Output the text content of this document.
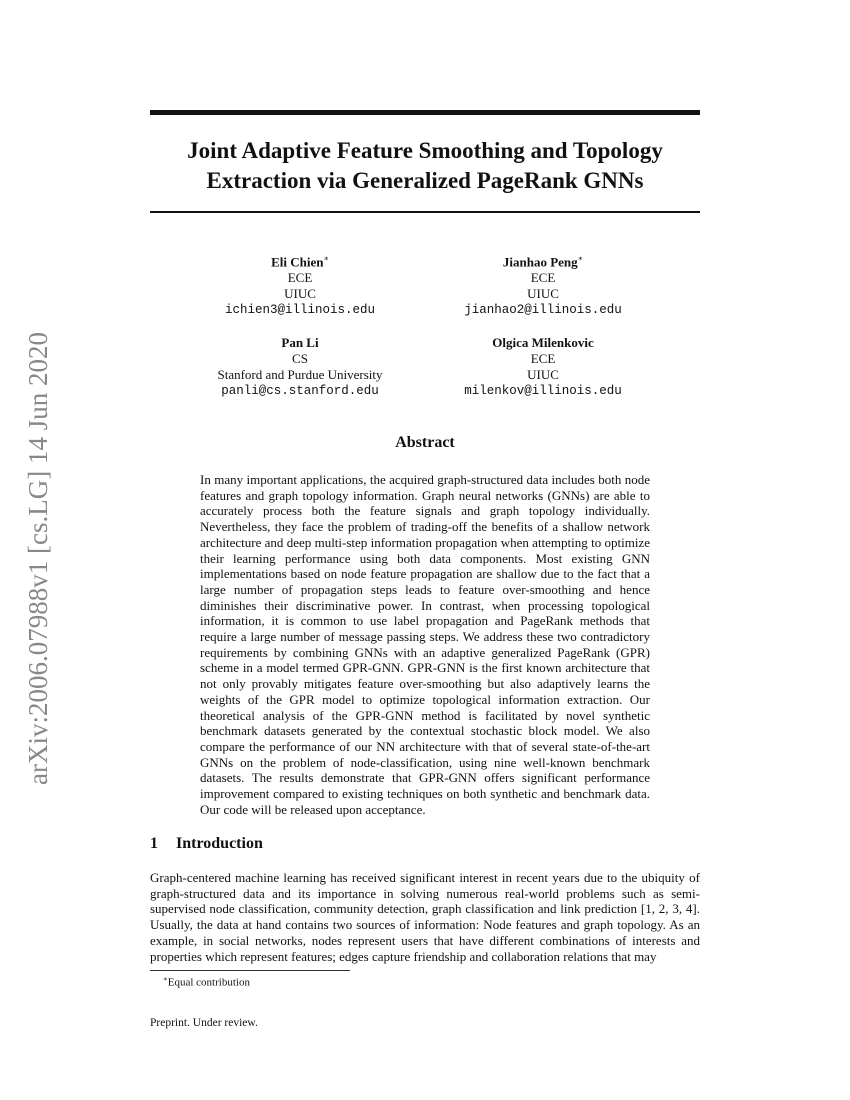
arXiv:2006.07988v1 [cs.LG] 14 Jun 2020
Joint Adaptive Feature Smoothing and Topology
Extraction via Generalized PageRank GNNs
Eli Chien∗
ECE
UIUC
ichien3@illinois.edu
Jianhao Peng∗
ECE
UIUC
jianhao2@illinois.edu
Pan Li
CS
Stanford and Purdue University
panli@cs.stanford.edu
Olgica Milenkovic
ECE
UIUC
milenkov@illinois.edu
Abstract

In many important applications, the acquired graph-structured data includes both node features and graph topology information. Graph neural networks (GNNs) are able to accurately process both the feature signals and graph topology individually. Nevertheless, they face the problem of trading-off the benefits of a shallow network architecture and deep multi-step information propagation when attempting to optimize their learning performance using both data components. Most existing GNN implementations based on node feature propagation are shallow due to the fact that a large number of propagation steps leads to feature over-smoothing and hence diminishes their discriminative power. In contrast, when processing topological information, it is common to use label propagation and PageRank methods that require a large number of message passing steps. We address these two contradictory requirements by combining GNNs with an adaptive generalized PageRank (GPR) scheme in a model termed GPR-GNN. GPR-GNN is the first known architecture that not only provably mitigates feature over-smoothing but also adaptively learns the weights of the GPR model to optimize topological information extraction. Our theoretical analysis of the GPR-GNN method is facilitated by novel synthetic benchmark datasets generated by the contextual stochastic block model. We also compare the performance of our NN architecture with that of several state-of-the-art GNNs on the problem of node-classification, using nine well-known benchmark datasets. The results demonstrate that GPR-GNN offers significant performance improvement compared to existing techniques on both synthetic and benchmark data. Our code will be released upon acceptance.

1 Introduction

Graph-centered machine learning has received significant interest in recent years due to the ubiquity of graph-structured data and its importance in solving numerous real-world problems such as semi-supervised node classification, community detection, graph classification and link prediction [1, 2, 3, 4]. Usually, the data at hand contains two sources of information: Node features and graph topology. As an example, in social networks, nodes represent users that have different combinations of interests and properties which represent features; edges capture friendship and collaboration relations that may

∗Equal contribution
Preprint. Under review.
